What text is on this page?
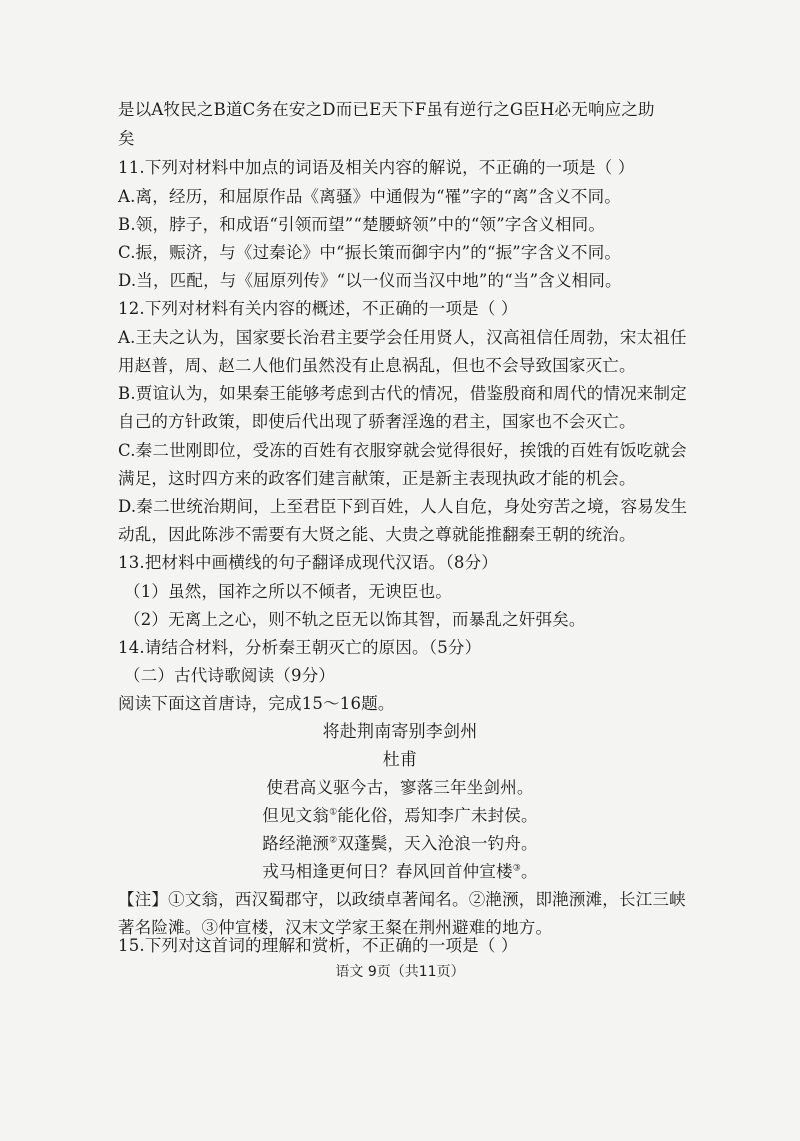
是以A牧民之B道C务在安之D而已E天下F虽有逆行之G臣H必无响应之助
矣
11.下列对材料中加点的词语及相关内容的解说，不正确的一项是（ ）
A.离，经历，和屈原作品《离骚》中通假为“罹”字的“离”含义不同。
B.领，脖子，和成语“引领而望”“楚腰蛴领”中的“领”字含义相同。
C.振，赈济，与《过秦论》中“振长策而御宇内”的“振”字含义不同。
D.当，匹配，与《屈原列传》“以一仪而当汉中地”的“当”含义相同。
12.下列对材料有关内容的概述，不正确的一项是（ ）
A.王夫之认为，国家要长治君主要学会任用贤人，汉高祖信任周勃，宋太祖任
用赵普，周、赵二人他们虽然没有止息祸乱，但也不会导致国家灭亡。
B.贾谊认为，如果秦王能够考虑到古代的情况，借鉴殷商和周代的情况来制定
自己的方针政策，即使后代出现了骄奢淫逸的君主，国家也不会灭亡。
C.秦二世刚即位，受冻的百姓有衣服穿就会觉得很好，挨饿的百姓有饭吃就会
满足，这时四方来的政客们建言献策，正是新主表现执政才能的机会。
D.秦二世统治期间，上至君臣下到百姓，人人自危，身处穷苦之境，容易发生
动乱，因此陈涉不需要有大贤之能、大贵之尊就能推翻秦王朝的统治。
13.把材料中画横线的句子翻译成现代汉语。（8分）
（1）虽然，国祚之所以不倾者，无谀臣也。
（2）无离上之心，则不轨之臣无以饰其智，而暴乱之奸弭矣。
14.请结合材料，分析秦王朝灭亡的原因。（5分）
（二）古代诗歌阅读（9分）
阅读下面这首唐诗，完成15～16题。
将赴荆南寄别李剑州
杜甫
使君高义驱今古，寥落三年坐剑州。
但见文翁①能化俗，焉知李广未封侯。
路经滟滪②双蓬鬓，天入沧浪一钓舟。
戎马相逢更何日？春风回首仲宣楼③。
【注】①文翁，西汉蜀郡守，以政绩卓著闻名。②滟滪，即滟滪滩，长江三峡
著名险滩。③仲宣楼，汉末文学家王粲在荆州避难的地方。
15.下列对这首词的理解和赏析，不正确的一项是（ ）
语文 9页（共11页）
